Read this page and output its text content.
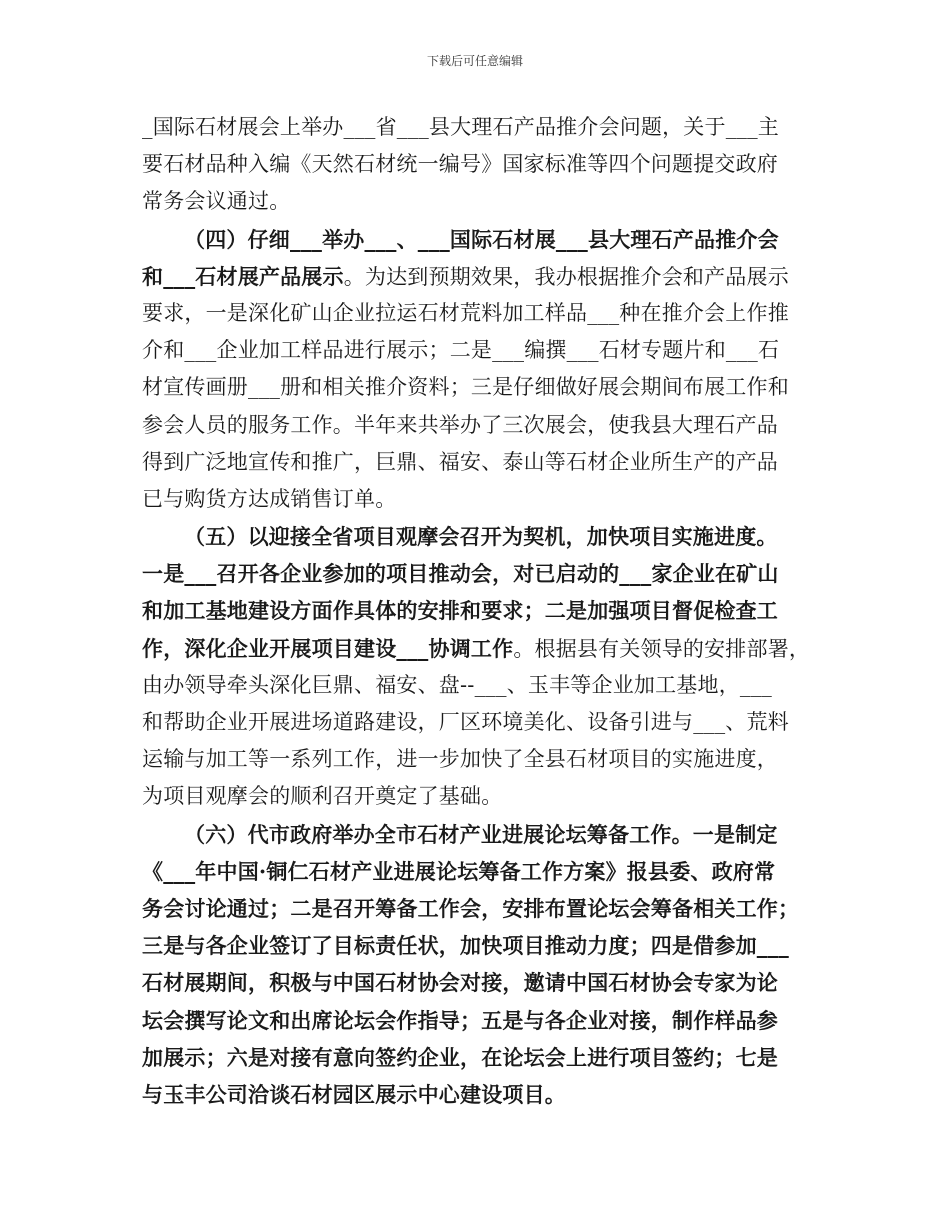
下载后可任意编辑
_国际石材展会上举办___省___县大理石产品推介会问题，关于___主
要石材品种入编《天然石材统一编号》国家标准等四个问题提交政府
常务会议通过。
（四）仔细___举办___、___国际石材展___县大理石产品推介会
和___石材展产品展示。为达到预期效果，我办根据推介会和产品展示
要求，一是深化矿山企业拉运石材荒料加工样品___种在推介会上作推
介和___企业加工样品进行展示；二是___编撰___石材专题片和___石
材宣传画册___册和相关推介资料；三是仔细做好展会期间布展工作和
参会人员的服务工作。半年来共举办了三次展会，使我县大理石产品
得到广泛地宣传和推广，巨鼎、福安、泰山等石材企业所生产的产品
已与购货方达成销售订单。
（五）以迎接全省项目观摩会召开为契机，加快项目实施进度。
一是___召开各企业参加的项目推动会，对已启动的___家企业在矿山
和加工基地建设方面作具体的安排和要求；二是加强项目督促检查工
作，深化企业开展项目建设___协调工作。根据县有关领导的安排部署，
由办领导牵头深化巨鼎、福安、盘--___、玉丰等企业加工基地，___
和帮助企业开展进场道路建设，厂区环境美化、设备引进与___、荒料
运输与加工等一系列工作，进一步加快了全县石材项目的实施进度，
为项目观摩会的顺利召开奠定了基础。
（六）代市政府举办全市石材产业进展论坛筹备工作。一是制定
《___年中国·铜仁石材产业进展论坛筹备工作方案》报县委、政府常
务会讨论通过；二是召开筹备工作会，安排布置论坛会筹备相关工作；
三是与各企业签订了目标责任状，加快项目推动力度；四是借参加___
石材展期间，积极与中国石材协会对接，邀请中国石材协会专家为论
坛会撰写论文和出席论坛会作指导；五是与各企业对接，制作样品参
加展示；六是对接有意向签约企业，在论坛会上进行项目签约；七是
与玉丰公司洽谈石材园区展示中心建设项目。
